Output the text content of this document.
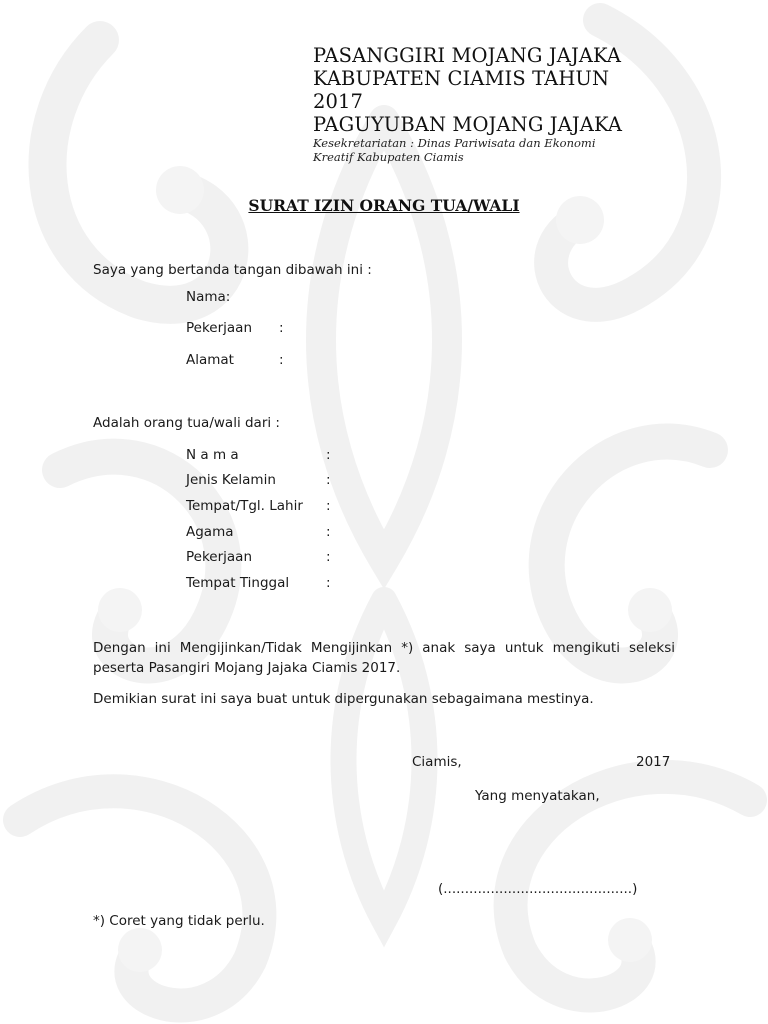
PASANGGIRI MOJANG JAJAKA
KABUPATEN CIAMIS TAHUN
2017
PAGUYUBAN MOJANG JAJAKA
Kesekretariatan : Dinas Pariwisata dan Ekonomi
Kreatif Kabupaten Ciamis
SURAT IZIN ORANG TUA/WALI
Saya yang bertanda tangan dibawah ini :
Nama:
Pekerjaan :
Alamat	:
Adalah orang tua/wali dari :
N a m a	:
Jenis Kelamin	:
Tempat/Tgl. Lahir :
Agama	:
Pekerjaan	:
Tempat Tinggal	:
Dengan ini Mengijinkan/Tidak Mengijinkan *) anak saya untuk mengikuti seleksi peserta Pasangiri Mojang Jajaka Ciamis 2017.
Demikian surat ini saya buat untuk dipergunakan sebagaimana mestinya.
Ciamis,	2017
Yang menyatakan,
(............................................)
*) Coret yang tidak perlu.
